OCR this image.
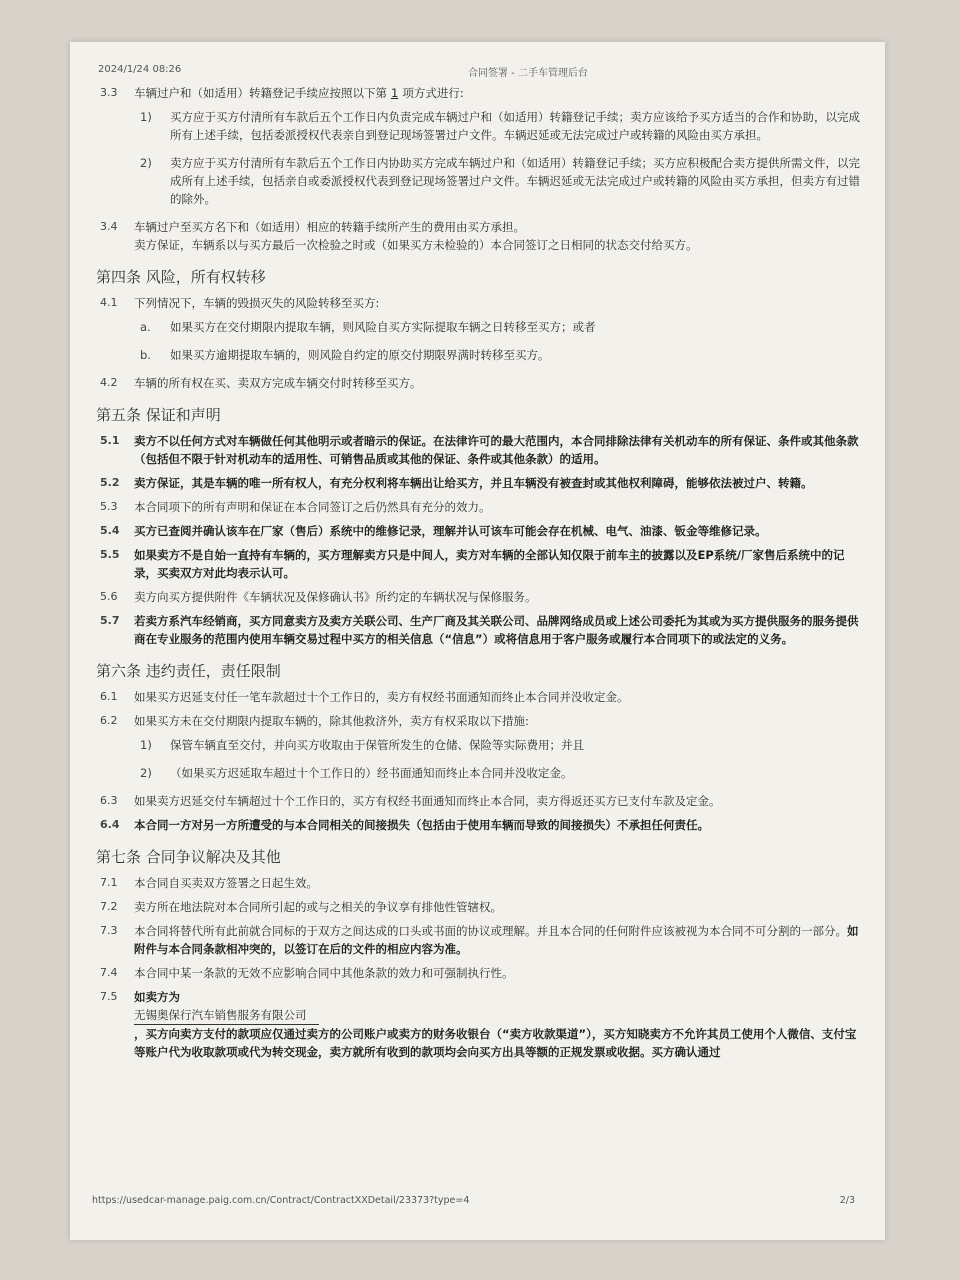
2024/1/24 08:26	合同签署 - 二手车管理后台
3.3	车辆过户和（如适用）转籍登记手续应按照以下第 1 项方式进行:
1)	买方应于买方付清所有车款后五个工作日内负责完成车辆过户和（如适用）转籍登记手续；卖方应该给予买方适当的合作和协助，以完成所有上述手续，包括委派授权代表亲自到登记现场签署过户文件。车辆迟延或无法完成过户或转籍的风险由买方承担。
2)	卖方应于买方付清所有车款后五个工作日内协助买方完成车辆过户和（如适用）转籍登记手续；买方应积极配合卖方提供所需文件，以完成所有上述手续，包括亲自或委派授权代表到登记现场签署过户文件。车辆迟延或无法完成过户或转籍的风险由买方承担，但卖方有过错的除外。
3.4	车辆过户至买方名下和（如适用）相应的转籍手续所产生的费用由买方承担。
卖方保证，车辆系以与买方最后一次检验之时或（如果买方未检验的）本合同签订之日相同的状态交付给买方。
第四条 风险，所有权转移
4.1	下列情况下，车辆的毁损灭失的风险转移至买方:
a.	如果买方在交付期限内提取车辆，则风险自买方实际提取车辆之日转移至买方；或者
b.	如果买方逾期提取车辆的，则风险自约定的原交付期限界满时转移至买方。
4.2	车辆的所有权在买、卖双方完成车辆交付时转移至买方。
第五条 保证和声明
5.1	卖方不以任何方式对车辆做任何其他明示或者暗示的保证。在法律许可的最大范围内，本合同排除法律有关机动车的所有保证、条件或其他条款（包括但不限于针对机动车的适用性、可销售品质或其他的保证、条件或其他条款）的适用。
5.2	卖方保证，其是车辆的唯一所有权人，有充分权利将车辆出让给买方，并且车辆没有被查封或其他权利障碍，能够依法被过户、转籍。
5.3	本合同项下的所有声明和保证在本合同签订之后仍然具有充分的效力。
5.4	买方已查阅并确认该车在厂家（售后）系统中的维修记录，理解并认可该车可能会存在机械、电气、油漆、钣金等维修记录。
5.5	如果卖方不是自始一直持有车辆的，买方理解卖方只是中间人，卖方对车辆的全部认知仅限于前车主的披露以及EP系统/厂家售后系统中的记录，买卖双方对此均表示认可。
5.6	卖方向买方提供附件《车辆状况及保修确认书》所约定的车辆状况与保修服务。
5.7	若卖方系汽车经销商，买方同意卖方及卖方关联公司、生产厂商及其关联公司、品牌网络成员或上述公司委托为其或为买方提供服务的服务提供商在专业服务的范围内使用车辆交易过程中买方的相关信息（“信息”）或将信息用于客户服务或履行本合同项下的或法定的义务。
第六条 违约责任，责任限制
6.1	如果买方迟延支付任一笔车款超过十个工作日的，卖方有权经书面通知而终止本合同并没收定金。
6.2	如果买方未在交付期限内提取车辆的，除其他救济外，卖方有权采取以下措施:
1)	保管车辆直至交付，并向买方收取由于保管所发生的仓储、保险等实际费用；并且
2)	（如果买方迟延取车超过十个工作日的）经书面通知而终止本合同并没收定金。
6.3	如果卖方迟延交付车辆超过十个工作日的，买方有权经书面通知而终止本合同，卖方得返还买方已支付车款及定金。
6.4	本合同一方对另一方所遭受的与本合同相关的间接损失（包括由于使用车辆而导致的间接损失）不承担任何责任。
第七条 合同争议解决及其他
7.1	本合同自买卖双方签署之日起生效。
7.2	卖方所在地法院对本合同所引起的或与之相关的争议享有排他性管辖权。
7.3	本合同将替代所有此前就合同标的于双方之间达成的口头或书面的协议或理解。并且本合同的任何附件应该被视为本合同不可分割的一部分。如附件与本合同条款相冲突的，以签订在后的文件的相应内容为准。
7.4	本合同中某一条款的无效不应影响合同中其他条款的效力和可强制执行性。
7.5	如卖方为
无锡奥保行汽车销售服务有限公司
，买方向卖方支付的款项应仅通过卖方的公司账户或卖方的财务收银台（“卖方收款渠道”），买方知晓卖方不允许其员工使用个人微信、支付宝等账户代为收取款项或代为转交现金，卖方就所有收到的款项均会向买方出具等额的正规发票或收据。买方确认通过
https://usedcar-manage.paig.com.cn/Contract/ContractXXDetail/23373?type=4	2/3
